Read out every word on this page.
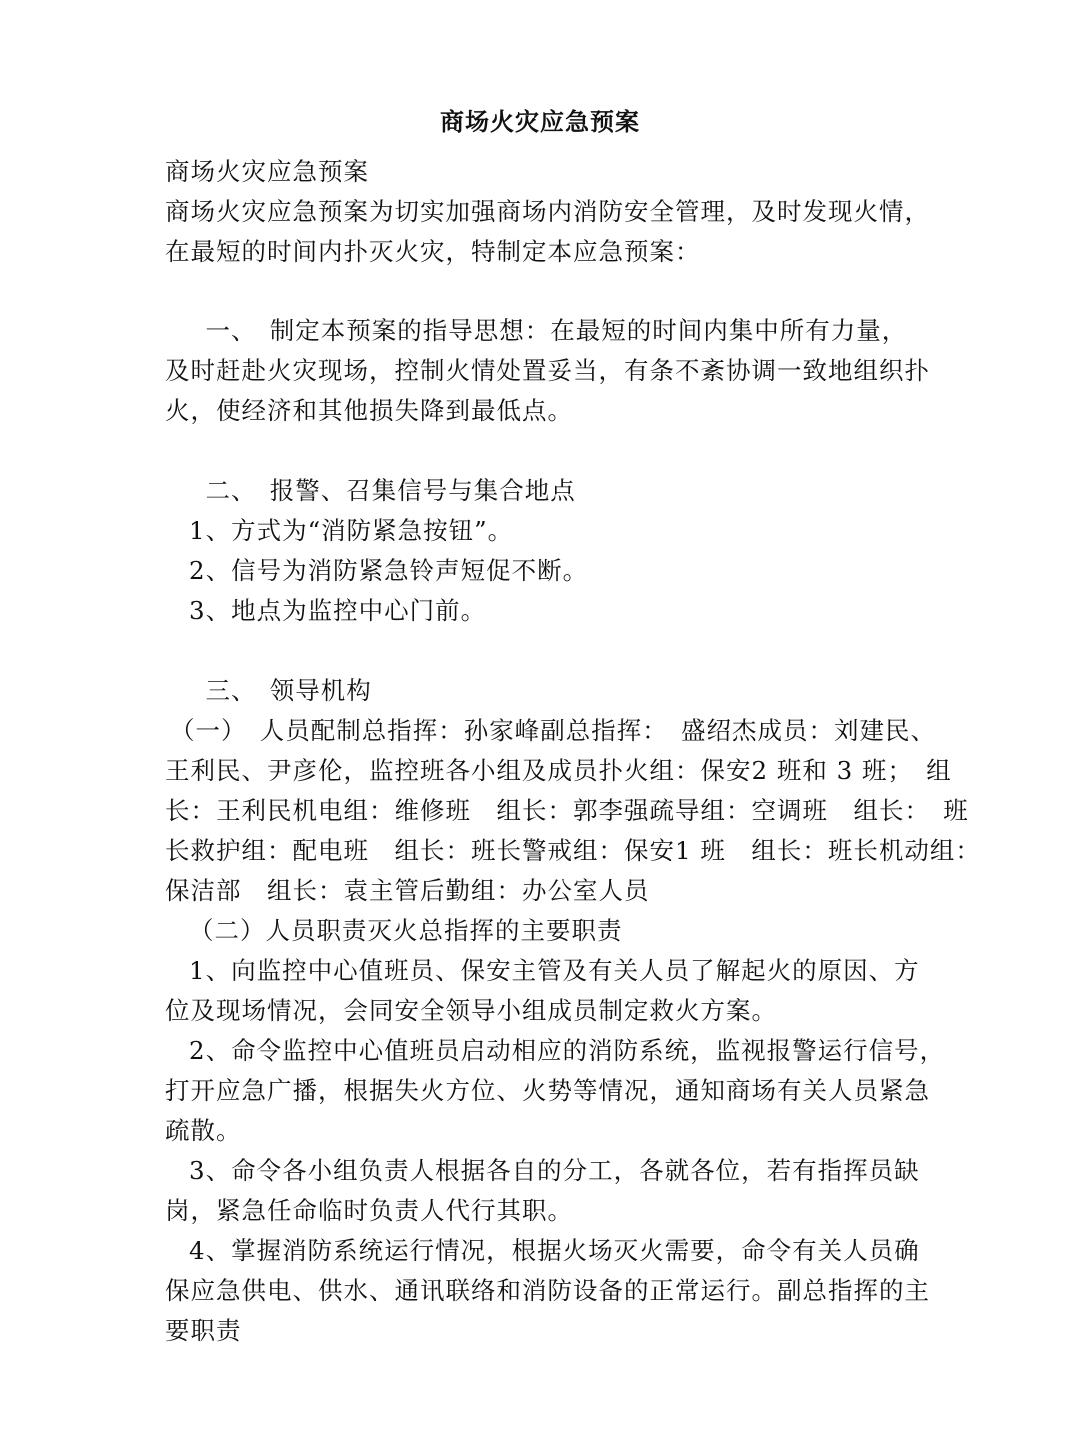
商场火灾应急预案
商场火灾应急预案
商场火灾应急预案为切实加强商场内消防安全管理，及时发现火情，
在最短的时间内扑灭火灾，特制定本应急预案：
　一、　制定本预案的指导思想：在最短的时间内集中所有力量，
及时赶赴火灾现场，控制火情处置妥当，有条不紊协调一致地组织扑
火，使经济和其他损失降到最低点。
　二、　报警、召集信号与集合地点
1、方式为“消防紧急按钮”。
2、信号为消防紧急铃声短促不断。
3、地点为监控中心门前。
　三、　领导机构
（一）　人员配制总指挥：孙家峰副总指挥：　盛绍杰成员：刘建民、
王利民、尹彦伦，监控班各小组及成员扑火组：保安2 班和 3 班；　组
长：王利民机电组：维修班　组长：郭李强疏导组：空调班　组长：　班
长救护组：配电班　组长：班长警戒组：保安1 班　组长：班长机动组：
保洁部　组长：袁主管后勤组：办公室人员
（二）人员职责灭火总指挥的主要职责
1、向监控中心值班员、保安主管及有关人员了解起火的原因、方
位及现场情况，会同安全领导小组成员制定救火方案。
2、命令监控中心值班员启动相应的消防系统，监视报警运行信号，
打开应急广播，根据失火方位、火势等情况，通知商场有关人员紧急
疏散。
3、命令各小组负责人根据各自的分工，各就各位，若有指挥员缺
岗，紧急任命临时负责人代行其职。
4、掌握消防系统运行情况，根据火场灭火需要，命令有关人员确
保应急供电、供水、通讯联络和消防设备的正常运行。副总指挥的主
要职责
